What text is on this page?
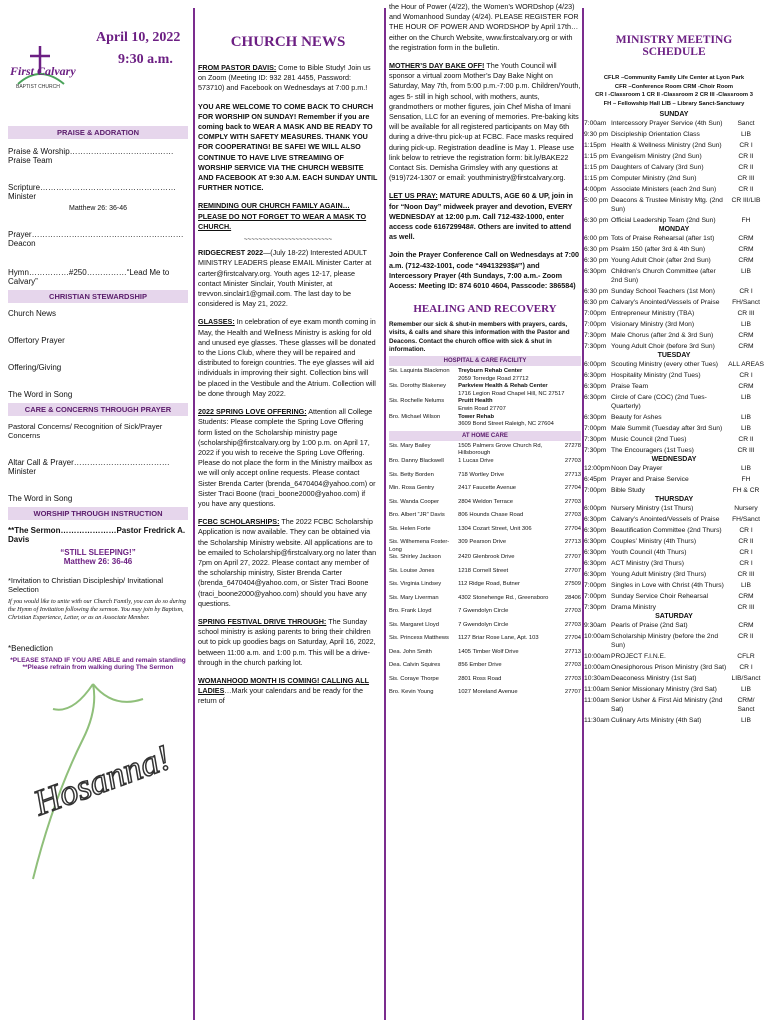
First Calvary
BAPTIST CHURCH
April 10, 2022
9:30 a.m.
PRAISE & ADORATION
Praise & Worship…………………………………Praise Team
Scripture……………………………………………Minister
Matthew 26: 36-46
Prayer…………………………………………………Deacon
Hymn……………#250……………“Lead Me to Calvary”
CHRISTIAN STEWARDSHIP
Church News
Offertory Prayer
Offering/Giving
The Word in Song
CARE & CONCERNS THROUGH PRAYER
Pastoral Concerns/ Recognition of Sick/Prayer Concerns
Altar Call & Prayer………………………………Minister
The Word in Song
WORSHIP THROUGH INSTRUCTION
**The Sermon…………………Pastor Fredrick A. Davis
“STILL SLEEPING!”
Matthew 26: 36-46
*Invitation to Christian Discipleship/ Invitational Selection
If you would like to unite with our Church Family, you can do so during the Hymn of Invitation following the sermon. You may join by Baptism, Christian Experience, Letter, or as an Associate Member.
*Benediction
*PLEASE STAND IF YOU ARE ABLE and remain standing
**Please refrain from walking during The Sermon
Hosanna!
CHURCH NEWS
FROM PASTOR DAVIS: Come to Bible Study! Join us on Zoom (Meeting ID: 932 281 4455, Password: 573710) and Facebook on Wednesdays at 7:00 p.m.!
YOU ARE WELCOME TO COME BACK TO CHURCH FOR WORSHIP ON SUNDAY! Remember if you are coming back to WEAR A MASK AND BE READY TO COMPLY WITH SAFETY MEASURES. THANK YOU FOR COOPERATING! BE SAFE! WE WILL ALSO CONTINUE TO HAVE LIVE STREAMING OF WORSHIP SERVICE VIA THE CHURCH WEBSITE AND FACEBOOK AT 9:30 A.M. EACH SUNDAY UNTIL FURTHER NOTICE.
REMINDING OUR CHURCH FAMILY AGAIN…PLEASE DO NOT FORGET TO WEAR A MASK TO CHURCH.
~~~~~~~~~~~~~~~~~~~~~~~~
RIDGECREST 2022—(July 18-22) Interested ADULT MINISTRY LEADERS please EMAIL Minister Carter at carter@firstcalvary.org. Youth ages 12-17, please contact Minister Sinclair, Youth Minister, at trevvon.sinclair1@gmail.com. The last day to be considered is May 21, 2022.
GLASSES: In celebration of eye exam month coming in May, the Health and Wellness Ministry is asking for old and unused eye glasses. These glasses will be donated to the Lions Club, where they will be repaired and distributed to foreign countries. The eye glasses will aid individuals in improving their sight. Collection bins will be placed in the Vestibule and the Atrium. Collection will be done through May 2022.
2022 SPRING LOVE OFFERING: Attention all College Students: Please complete the Spring Love Offering form listed on the Scholarship ministry page (scholarship@firstcalvary.org by 1:00 p.m. on April 17, 2022 if you wish to receive the Spring Love Offering. Please do not place the form in the Ministry mailbox as we will only accept online requests. Please contact Sister Brenda Carter (brenda_6470404@yahoo.com) or Sister Traci Boone (traci_boone2000@yahoo.com) if you have any questions.
FCBC SCHOLARSHIPS: The 2022 FCBC Scholarship Application is now available. They can be obtained via the Scholarship Ministry website. All applications are to be emailed to Scholarship@firstcalvary.org no later than 7pm on April 27, 2022. Please contact any member of the scholarship ministry, Sister Brenda Carter (brenda_6470404@yahoo.com, or Sister Traci Boone (traci_boone2000@yahoo.com) should you have any questions.
SPRING FESTIVAL DRIVE THROUGH: The Sunday school ministry is asking parents to bring their children out to pick up goodies bags on Saturday, April 16, 2022, between 11:00 a.m. and 1:00 p.m. This will be a drive-through in the church parking lot.
WOMANHOOD MONTH IS COMING! CALLING ALL LADIES…Mark your calendars and be ready for the return of
the Hour of Power (4/22), the Women’s WORDshop (4/23) and Womanhood Sunday (4/24). PLEASE REGISTER FOR THE HOUR OF POWER AND WORDSHOP by April 17th…either on the Church Website, www.firstcalvary.org or with the registration form in the bulletin.
MOTHER’S DAY BAKE OFF! The Youth Council will sponsor a virtual zoom Mother’s Day Bake Night on Saturday, May 7th, from 5:00 p.m.-7:00 p.m. Children/Youth, ages 5- still in high school, with mothers, aunts, grandmothers or mother figures, join Chef Misha of Imani Sensation, LLC for an evening of memories. Pre-baking kits will be available for all registered participants on May 6th during a drive-thru pick-up at FCBC. Face masks required during pick-up. Registration deadline is May 1. Please use link below to retrieve the registration form: bit.ly/BAKE22
Contact Sis. Demisha Grimsley with any questions at (919)724-1307 or email: youthministry@firstcalvary.org.
LET US PRAY: MATURE ADULTS, AGE 60 & UP, join in for “Noon Day” midweek prayer and devotion, EVERY WEDNESDAY at 12:00 p.m. Call 712-432-1000, enter access code 616729948#. Others are invited to attend as well.
Join the Prayer Conference Call on Wednesdays at 7:00 a.m. (712-432-1001, code “49413293$#”) and Intercessory Prayer (4th Sundays, 7:00 a.m.- Zoom Access: Meeting ID: 874 6010 4604, Passcode: 386584)
HEALING AND RECOVERY
Remember our sick & shut-in members with prayers, cards, visits, & calls and share this information with the Pastor and Deacons. Contact the church office with sick & shut in information.
HOSPITAL & CARE FACILITY
Sis. Laquinta Blackmon	Treyburn Rehab Center
2059 Torredge Road 27712

Sis. Dorothy Blakeney	Parkview Health & Rehab Center
1716 Legion Road Chapel Hill, NC 27517

Sis. Rochelle Nelums	Pruitt Health
Erwin Road 27707

Bro. Michael Wilson	Tower Rehab
3609 Bond Street Raleigh, NC 27604
AT HOME CARE
Sis. Mary Bailey	1505 Palmers Grove Church Rd, Hillsborough	27278
Bro. Danny Blackwell	1 Lucas Drive	27703
Sis. Betty Borden	718 Wortley Drive	27713
Min. Rosa Gentry	2417 Faucette Avenue	27704
Sis. Wanda Cooper	2804 Weldon Terrace	27703
Bro. Albert “JR” Davis	806 Hounds Chase Road	27703
Sis. Helen Forte	1304 Cozart Street, Unit 306	27704
Sis. Wilhemena Foster-Long	309 Pearson Drive	27713
Sis. Shirley Jackson	2420 Glenbrook Drive	27707
Sis. Louise Jones	1218 Cornell Street	27707
Sis. Virginia Lindsey	112 Ridge Road, Butner	27509
Sis. Mary Liverman	4302 Stonehenge Rd., Greensboro	28406
Bro. Frank Lloyd	7 Gwendolyn Circle	27703
Sis. Margaret Lloyd	7 Gwendolyn Circle	27703
Sis. Princess Matthews	1127 Briar Rose Lane, Apt. 103	27704
Dea. John Smith	1405 Timber Wolf Drive	27713
Dea. Calvin Squires	856 Ember Drive	27703
Sis. Coraye Thorpe	2801 Ross Road	27703
Bro. Kevin Young	1027 Moreland Avenue	27707
MINISTRY MEETING SCHEDULE
CFLR –Community Family Life Center at Lyon Park
CFR –Conference Room CRM -Choir Room
CR I -Classroom 1 CR II -Classroom 2 CR III -Classroom 3
FH – Fellowship Hall LIB – Library Sanct-Sanctuary
SUNDAY
7:00am	Intercessory Prayer Service (4th Sun)	Sanct
9:30 pm	Discipleship Orientation Class	LIB
1:15pm	Health & Wellness Ministry (2nd Sun)	CR I
1:15 pm	Evangelism Ministry (2nd Sun)	CR II
1:15 pm	Daughters of Calvary (3rd Sun)	CR II
1:15 pm	Computer Ministry (2nd Sun)	CR III
4:00pm	Associate Ministers (each 2nd Sun)	CR II
5:00 pm	Deacons & Trustee Ministry Mtg. (2nd Sun)	CR III/LIB
6:30 pm	Official Leadership Team (2nd Sun)	FH
MONDAY
6:00 pm	Tots of Praise Rehearsal (after 1st)	CRM
6:30 pm	Psalm 150 (after 3rd & 4th Sun)	CRM
6:30 pm	Young Adult Choir (after 2nd Sun)	CRM
6:30pm	Children’s Church Committee (after 2nd Sun)	LIB
6:30 pm	Sunday School Teachers (1st Mon)	CR I
6:30 pm	Calvary’s Anointed/Vessels of Praise	FH/Sanct
7:00pm	Entrepreneur Ministry (TBA)	CR III
7:00pm	Visionary Ministry (3rd Mon)	LIB
7:30pm	Male Chorus (after 2nd & 3rd Sun)	CRM
7:30pm	Young Adult Choir (before 3rd Sun)	CRM
TUESDAY
6:00pm	Scouting Ministry (every other Tues)	ALL AREAS
6:30pm	Hospitality Ministry (2nd Tues)	CR I
6:30pm	Praise Team	CRM
6:30pm	Circle of Care (COC) (2nd Tues-Quarterly)	LIB
6:30pm	Beauty for Ashes	LIB
7:00pm	Male Summit (Tuesday after 3rd Sun)	LIB
7:30pm	Music Council (2nd Tues)	CR II
7:30pm	The Encouragers (1st Tues)	CR III
WEDNESDAY
12:00pm	Noon Day Prayer	LIB
6:45pm	Prayer and Praise Service	FH
7:00pm	Bible Study	FH & CR
THURSDAY
6:00pm	Nursery Ministry (1st Thurs)	Nursery
6:30pm	Calvary’s Anointed/Vessels of Praise	FH/Sanct
6:30pm	Beautification Committee (2nd Thurs)	CR I
6:30pm	Couples’ Ministry (4th Thurs)	CR II
6:30pm	Youth Council (4th Thurs)	CR I
6:30pm	ACT Ministry (3rd Thurs)	CR I
6:30pm	Young Adult Ministry (3rd Thurs)	CR III
7:00pm	Singles in Love with Christ (4th Thurs)	LIB
7:00pm	Sunday Service Choir Rehearsal	CRM
7:30pm	Drama Ministry	CR III
SATURDAY
9:30am	Pearls of Praise (2nd Sat)	CRM
10:00am	Scholarship Ministry (before the 2nd Sun)	CR II
10:00am	PROJECT F.I.N.E.	CFLR
10:00am	Onesiphorous Prison Ministry (3rd Sat)	CR I
10:30am	Deaconess Ministry (1st Sat)	LIB/Sanct
11:00am	Senior Missionary Ministry (3rd Sat)	LIB
11:00am	Senior Usher & First Aid Ministry (2nd Sat)	CRM/ Sanct
11:30am	Culinary Arts Ministry (4th Sat)	LIB
